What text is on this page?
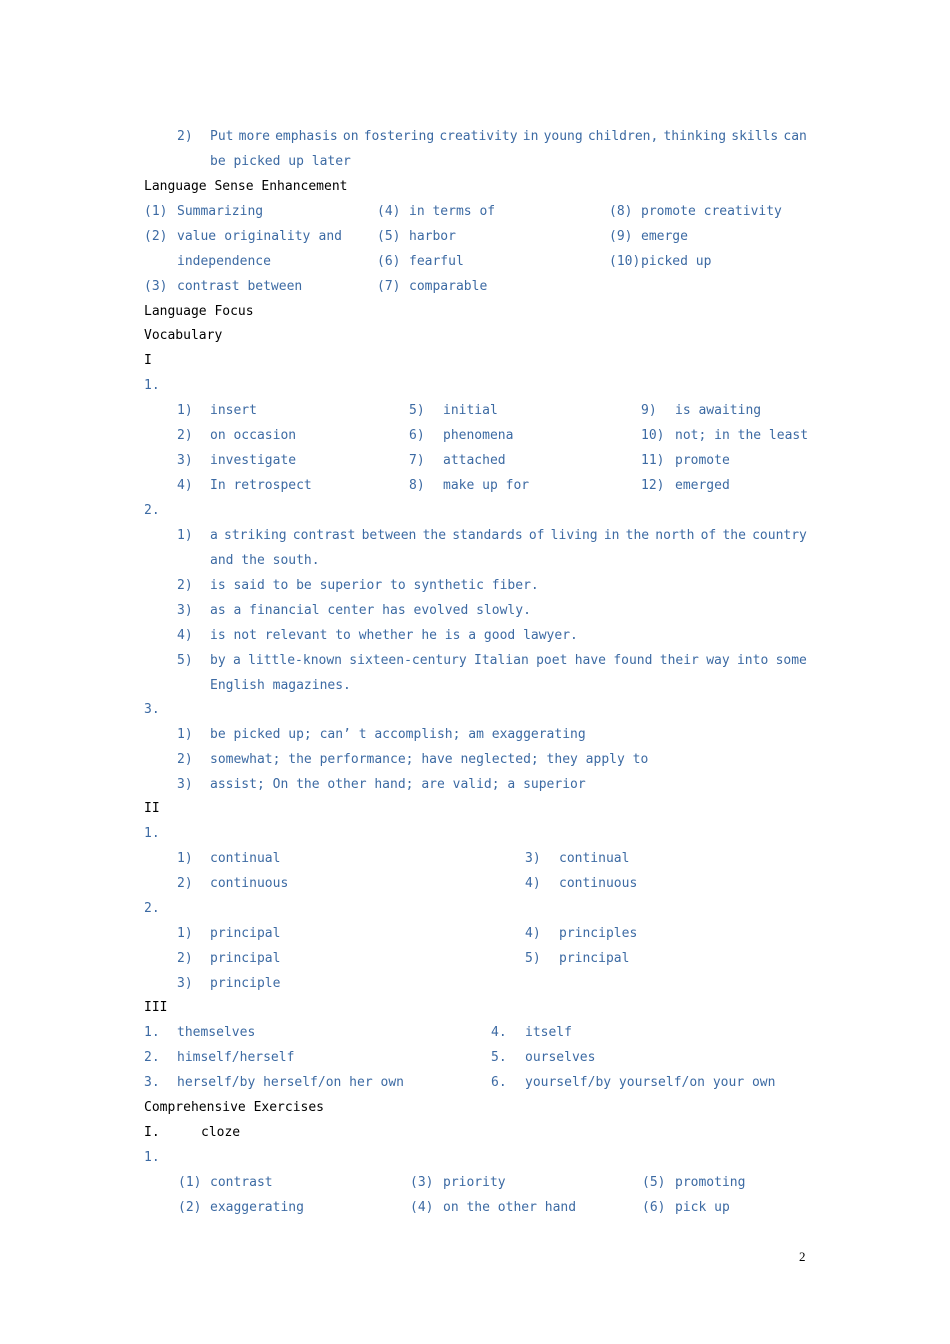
2) Put more emphasis on fostering creativity in young children, thinking skills can
be picked up later
Language Sense Enhancement
(1) Summarizing
(2) value originality and
independence
(3) contrast between
(4) in terms of
(5) harbor
(6) fearful
(7) comparable
(8) promote creativity
(9) emerge
(10) picked up
Language Focus
Vocabulary
I
1.
1) insert
2) on occasion
3) investigate
4) In retrospect
5) initial
6) phenomena
7) attached
8) make up for
9) is awaiting
10) not; in the least
11) promote
12) emerged
2.
1) a striking contrast between the standards of living in the north of the country
and the south.
2) is said to be superior to synthetic fiber.
3) as a financial center has evolved slowly.
4) is not relevant to whether he is a good lawyer.
5) by a little-known sixteen-century Italian poet have found their way into some
English magazines.
3.
1) be picked up; can’ t accomplish; am exaggerating
2) somewhat; the performance; have neglected; they apply to
3) assist; On the other hand; are valid; a superior
II
1.
1) continual
2) continuous
3) continual
4) continuous
2.
1) principal
2) principal
3) principle
4) principles
5) principal
III
1. themselves
2. himself/herself
3. herself/by herself/on her own
4. itself
5. ourselves
6. yourself/by yourself/on your own
Comprehensive Exercises
I.	cloze
1.
(1) contrast
(2) exaggerating
(3) priority
(4) on the other hand
(5) promoting
(6) pick up
2
